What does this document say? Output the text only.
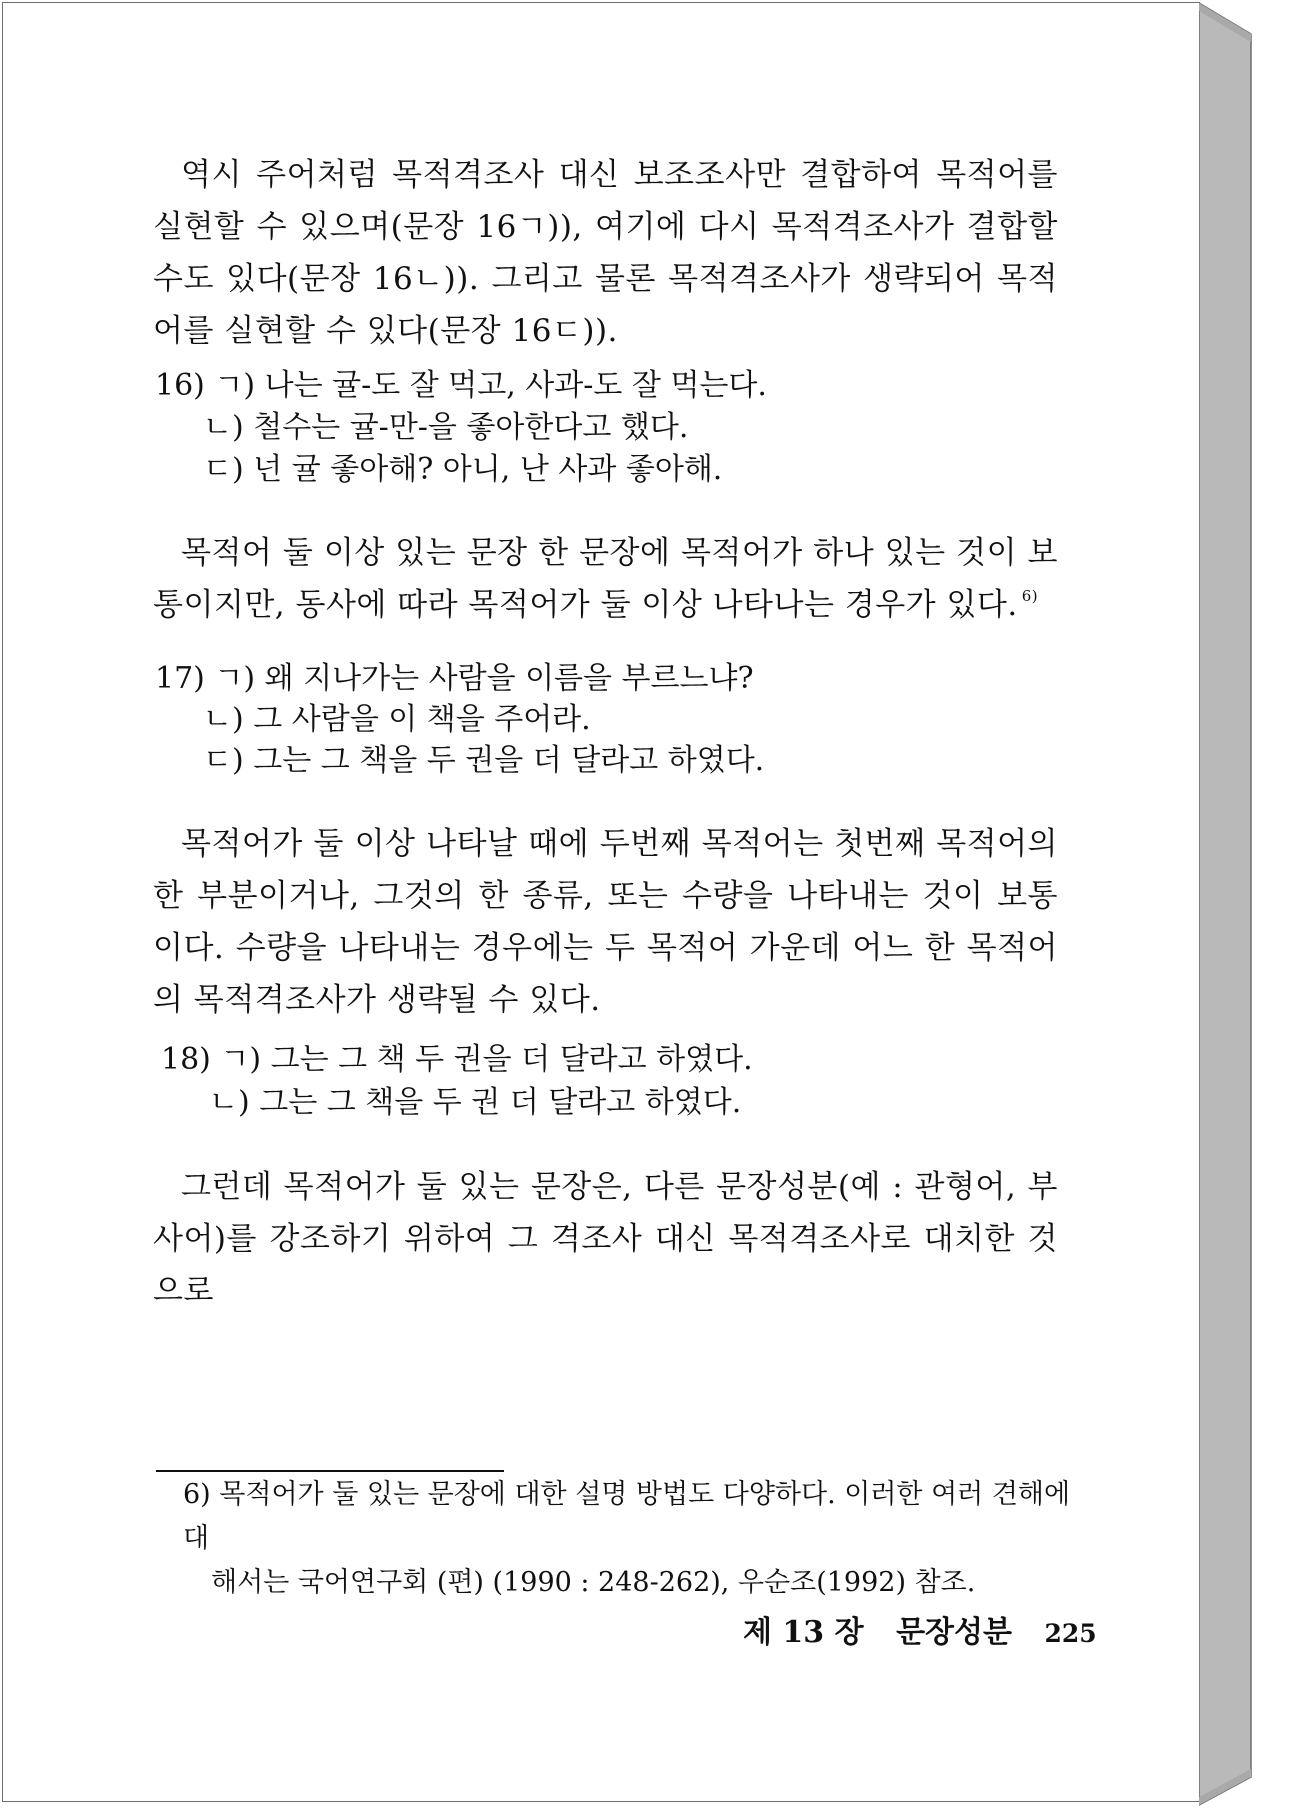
역시 주어처럼 목적격조사 대신 보조조사만 결합하여 목적어를 실현할 수 있으며(문장 16ㄱ)), 여기에 다시 목적격조사가 결합할 수도 있다(문장 16ㄴ)). 그리고 물론 목적격조사가 생략되어 목적어를 실현할 수 있다(문장 16ㄷ)).
16) ㄱ) 나는 귤-도 잘 먹고, 사과-도 잘 먹는다.
ㄴ) 철수는 귤-만-을 좋아한다고 했다.
ㄷ) 넌 귤 좋아해? 아니, 난 사과 좋아해.
목적어 둘 이상 있는 문장 한 문장에 목적어가 하나 있는 것이 보통이지만, 동사에 따라 목적어가 둘 이상 나타나는 경우가 있다. $^{6)}$
17) ㄱ) 왜 지나가는 사람을 이름을 부르느냐?
ㄴ) 그 사람을 이 책을 주어라.
ㄷ) 그는 그 책을 두 권을 더 달라고 하였다.
목적어가 둘 이상 나타날 때에 두번째 목적어는 첫번째 목적어의 한 부분이거나, 그것의 한 종류, 또는 수량을 나타내는 것이 보통이다. 수량을 나타내는 경우에는 두 목적어 가운데 어느 한 목적어의 목적격조사가 생략될 수 있다.
18) ㄱ) 그는 그 책 두 권을 더 달라고 하였다.
ㄴ) 그는 그 책을 두 권 더 달라고 하였다.
그런데 목적어가 둘 있는 문장은, 다른 문장성분(예 : 관형어, 부사어)를 강조하기 위하여 그 격조사 대신 목적격조사로 대치한 것으로
6) 목적어가 둘 있는 문장에 대한 설명 방법도 다양하다. 이러한 여러 견해에 대
해서는 국어연구회 (편) (1990 : 248-262), 우순조(1992) 참조.
제 13 장 문장성분 225
